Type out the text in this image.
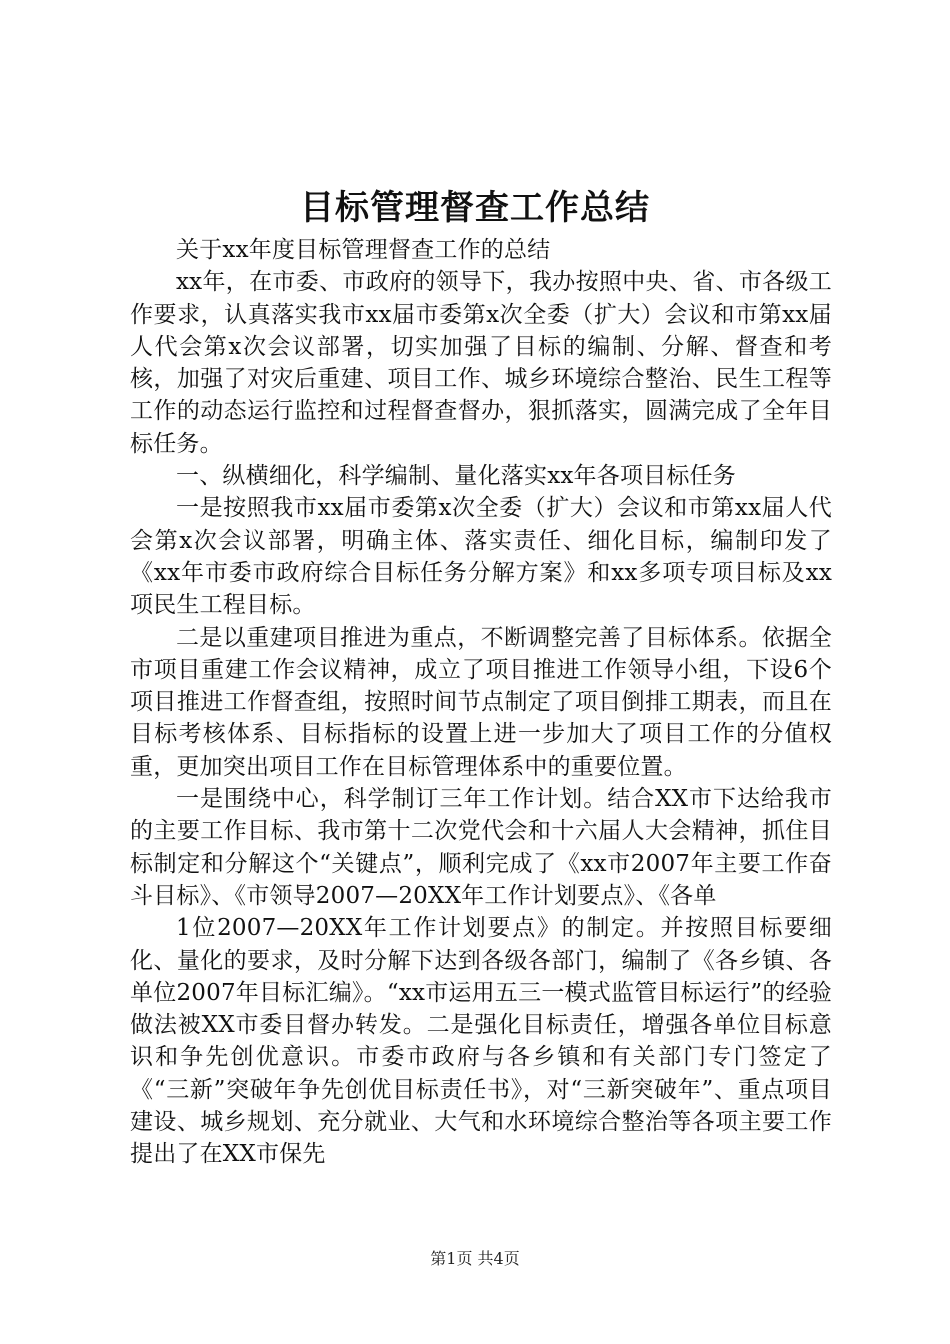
目标管理督查工作总结

关于xx年度目标管理督查工作的总结

xx年，在市委、市政府的领导下，我办按照中央、省、市各级工作要求，认真落实我市xx届市委第x次全委（扩大）会议和市第xx届人代会第x次会议部署，切实加强了目标的编制、分解、督查和考核，加强了对灾后重建、项目工作、城乡环境综合整治、民生工程等工作的动态运行监控和过程督查督办，狠抓落实，圆满完成了全年目标任务。

一、纵横细化，科学编制、量化落实xx年各项目标任务

一是按照我市xx届市委第x次全委（扩大）会议和市第xx届人代会第x次会议部署，明确主体、落实责任、细化目标，编制印发了《xx年市委市政府综合目标任务分解方案》和xx多项专项目标及xx项民生工程目标。

二是以重建项目推进为重点，不断调整完善了目标体系。依据全市项目重建工作会议精神，成立了项目推进工作领导小组，下设6个项目推进工作督查组，按照时间节点制定了项目倒排工期表，而且在目标考核体系、目标指标的设置上进一步加大了项目工作的分值权重，更加突出项目工作在目标管理体系中的重要位置。

一是围绕中心，科学制订三年工作计划。结合XX市下达给我市的主要工作目标、我市第十二次党代会和十六届人大会精神，抓住目标制定和分解这个“关键点”，顺利完成了《xx市2007年主要工作奋斗目标》、《市领导2007—20XX年工作计划要点》、《各单

1位2007—20XX年工作计划要点》的制定。并按照目标要细化、量化的要求，及时分解下达到各级各部门，编制了《各乡镇、各单位2007年目标汇编》。“xx市运用五三一模式监管目标运行”的经验做法被XX市委目督办转发。二是强化目标责任，增强各单位目标意识和争先创优意识。市委市政府与各乡镇和有关部门专门签定了《“三新”突破年争先创优目标责任书》，对“三新突破年”、重点项目建设、城乡规划、充分就业、大气和水环境综合整治等各项主要工作提出了在XX市保先

第1页 共4页
